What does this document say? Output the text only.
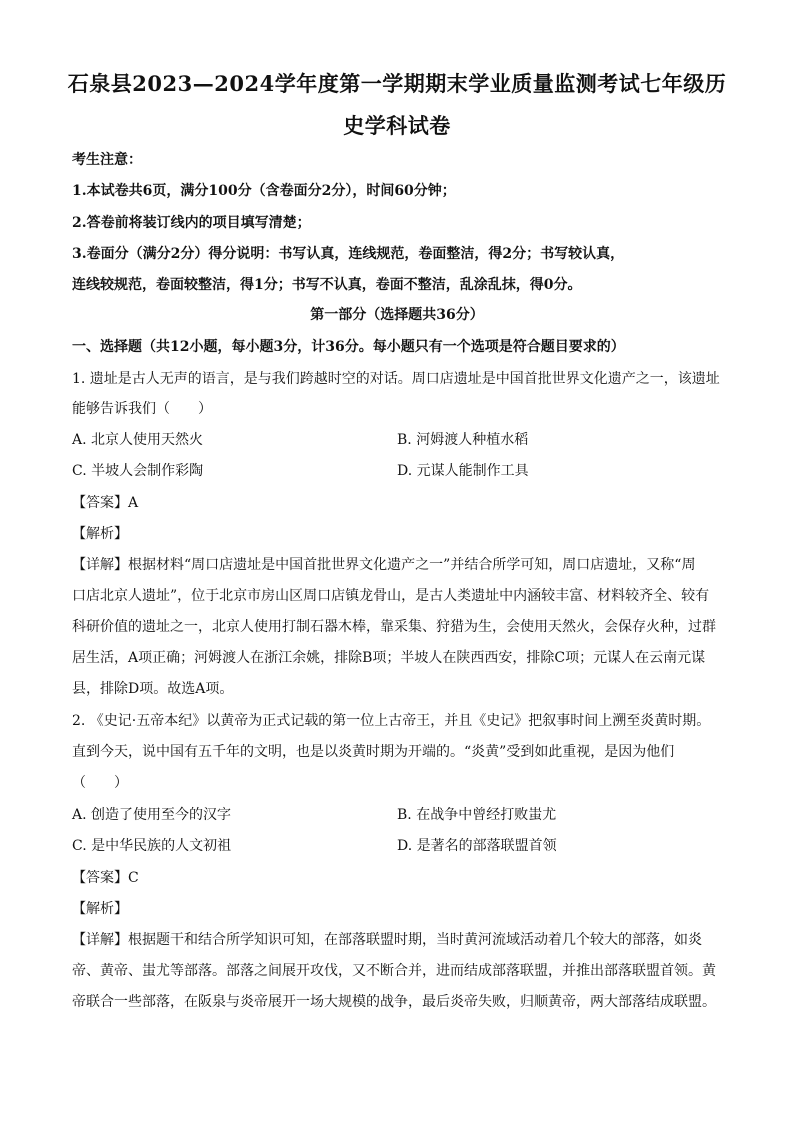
石泉县2023—2024学年度第一学期期末学业质量监测考试七年级历
史学科试卷
考生注意：
1.本试卷共6页，满分100分（含卷面分2分），时间60分钟；
2.答卷前将装订线内的项目填写清楚；
3.卷面分（满分2分）得分说明：书写认真，连线规范，卷面整洁，得2分；书写较认真，
连线较规范，卷面较整洁，得1分；书写不认真，卷面不整洁，乱涂乱抹，得0分。
第一部分（选择题共36分）
一、选择题（共12小题，每小题3分，计36分。每小题只有一个选项是符合题目要求的）
1. 遗址是古人无声的语言，是与我们跨越时空的对话。周口店遗址是中国首批世界文化遗产之一，该遗址
能够告诉我们（　　）
A. 北京人使用天然火	B. 河姆渡人种植水稻
C. 半坡人会制作彩陶	D. 元谋人能制作工具
【答案】A
【解析】
【详解】根据材料“周口店遗址是中国首批世界文化遗产之一”并结合所学可知，周口店遗址，又称“周
口店北京人遗址”，位于北京市房山区周口店镇龙骨山，是古人类遗址中内涵较丰富、材料较齐全、较有
科研价值的遗址之一，北京人使用打制石器木棒，靠采集、狩猎为生，会使用天然火，会保存火种，过群
居生活，A项正确；河姆渡人在浙江余姚，排除B项；半坡人在陕西西安，排除C项；元谋人在云南元谋
县，排除D项。故选A项。
2. 《史记·五帝本纪》以黄帝为正式记载的第一位上古帝王，并且《史记》把叙事时间上溯至炎黄时期。
直到今天，说中国有五千年的文明，也是以炎黄时期为开端的。“炎黄”受到如此重视，是因为他们
（　　）
A. 创造了使用至今的汉字	B. 在战争中曾经打败蚩尤
C. 是中华民族的人文初祖	D. 是著名的部落联盟首领
【答案】C
【解析】
【详解】根据题干和结合所学知识可知，在部落联盟时期，当时黄河流域活动着几个较大的部落，如炎
帝、黄帝、蚩尤等部落。部落之间展开攻伐，又不断合并，进而结成部落联盟，并推出部落联盟首领。黄
帝联合一些部落，在阪泉与炎帝展开一场大规模的战争，最后炎帝失败，归顺黄帝，两大部落结成联盟。
